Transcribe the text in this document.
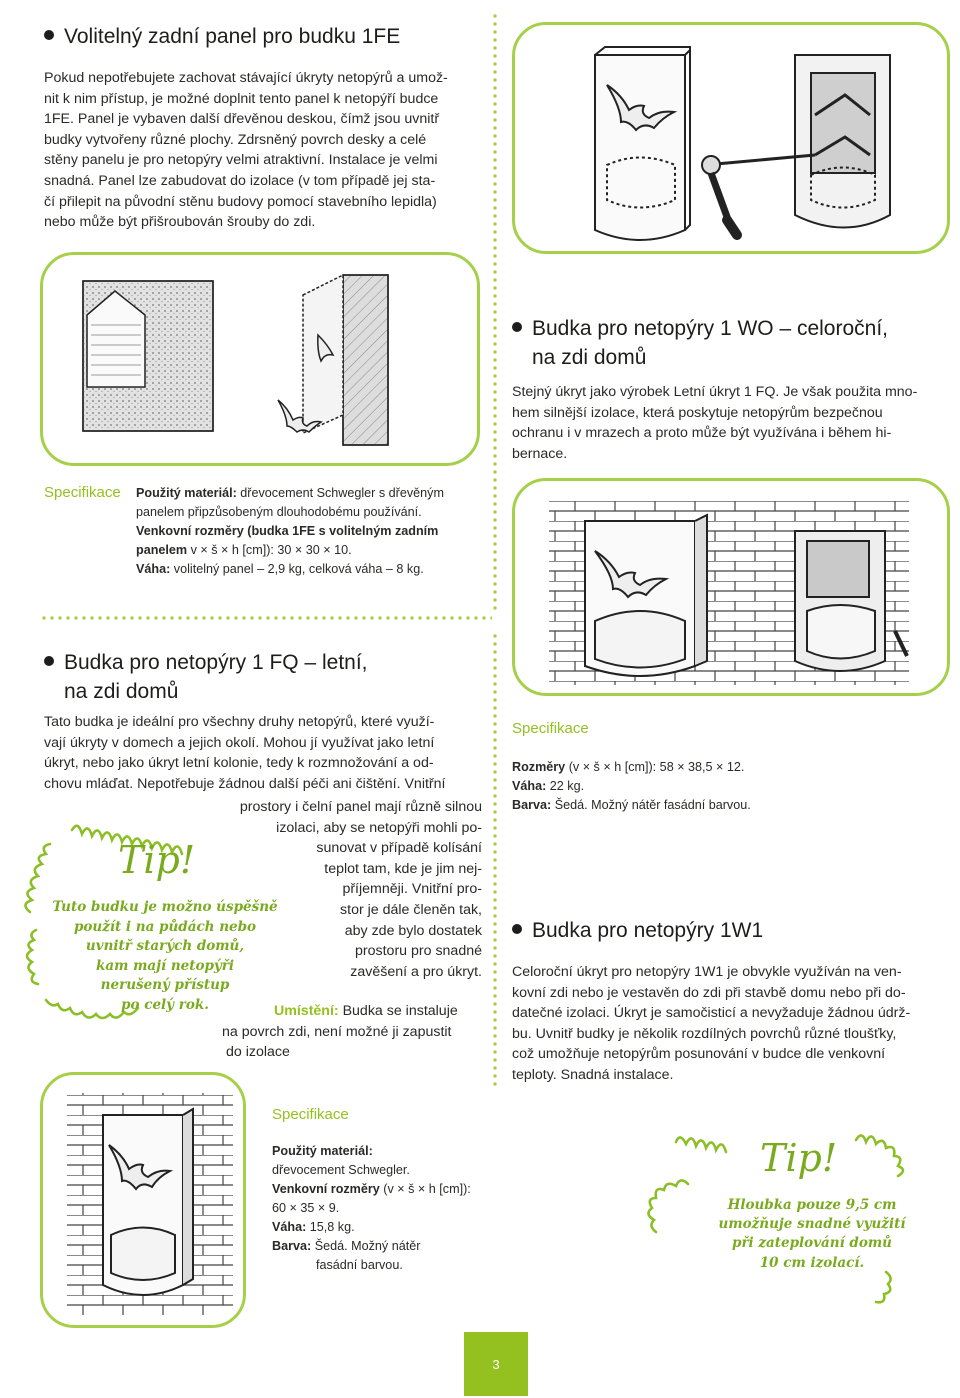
Volitelný zadní panel pro budku 1FE
Pokud nepotřebujete zachovat stávající úkryty netopýrů a umož-
nit k nim přístup, je možné doplnit tento panel k netopýří budce
1FE. Panel je vybaven další dřevěnou deskou, čímž jsou uvnitř
budky vytvořeny různé plochy. Zdrsněný povrch desky a celé
stěny panelu je pro netopýry velmi atraktivní. Instalace je velmi
snadná. Panel lze zabudovat do izolace (v tom případě jej sta-
čí přilepit na původní stěnu budovy pomocí stavebního lepidla)
nebo může být přišroubován šrouby do zdi.
Specifikace Použitý materiál: dřevocement Schwegler s dřevěným
panelem připzůsobeným dlouhodobému používání.
Venkovní rozměry (budka 1FE s volitelným zadním
panelem v × š × h [cm]): 30 × 30 × 10.
Váha: volitelný panel – 2,9 kg, celková váha – 8 kg.
Budka pro netopýry 1 WO – celoroční,
na zdi domů
Stejný úkryt jako výrobek Letní úkryt 1 FQ. Je však použita mno-
hem silnější izolace, která poskytuje netopýrům bezpečnou
ochranu i v mrazech a proto může být využívána i během hi-
bernace.
Specifikace
Rozměry (v × š × h [cm]): 58 × 38,5 × 12.
Váha: 22 kg.
Barva: Šedá. Možný nátěr fasádní barvou.
Budka pro netopýry 1 FQ – letní,
na zdi domů
Tato budka je ideální pro všechny druhy netopýrů, které využí-
vají úkryty v domech a jejich okolí. Mohou jí využívat jako letní
úkryt, nebo jako úkryt letní kolonie, tedy k rozmnožování a od-
chovu mláďat. Nepotřebuje žádnou další péči ani čištění. Vnitřní
prostory i čelní panel mají různě silnou
izolaci, aby se netopýři mohli po-
sunovat v případě kolísání
teplot tam, kde je jim nej-
příjemněji. Vnitřní pro-
stor je dále členěn tak,
aby zde bylo dostatek
prostoru pro snadné
zavěšení a pro úkryt.
Umístění: Budka se instaluje
na povrch zdi, není možné ji zapustit
do izolace
Tip!
Tuto budku je možno úspěšně
použít i na půdách nebo
uvnitř starých domů,
kam mají netopýři
nerušený přístup
po celý rok.
Specifikace
Použitý materiál:
dřevocement Schwegler.
Venkovní rozměry (v × š × h [cm]):
60 × 35 × 9.
Váha: 15,8 kg.
Barva: Šedá. Možný nátěr
fasádní barvou.
Budka pro netopýry 1W1
Celoroční úkryt pro netopýry 1W1 je obvykle využíván na ven-
kovní zdi nebo je vestavěn do zdi při stavbě domu nebo při do-
datečné izolaci. Úkryt je samočisticí a nevyžaduje žádnou údrž-
bu. Uvnitř budky je několik rozdílných povrchů různé tloušťky,
což umožňuje netopýrům posunování v budce dle venkovní
teploty. Snadná instalace.
Tip!
Hloubka pouze 9,5 cm
umožňuje snadné využití
při zateplování domů
10 cm izolací.
3
